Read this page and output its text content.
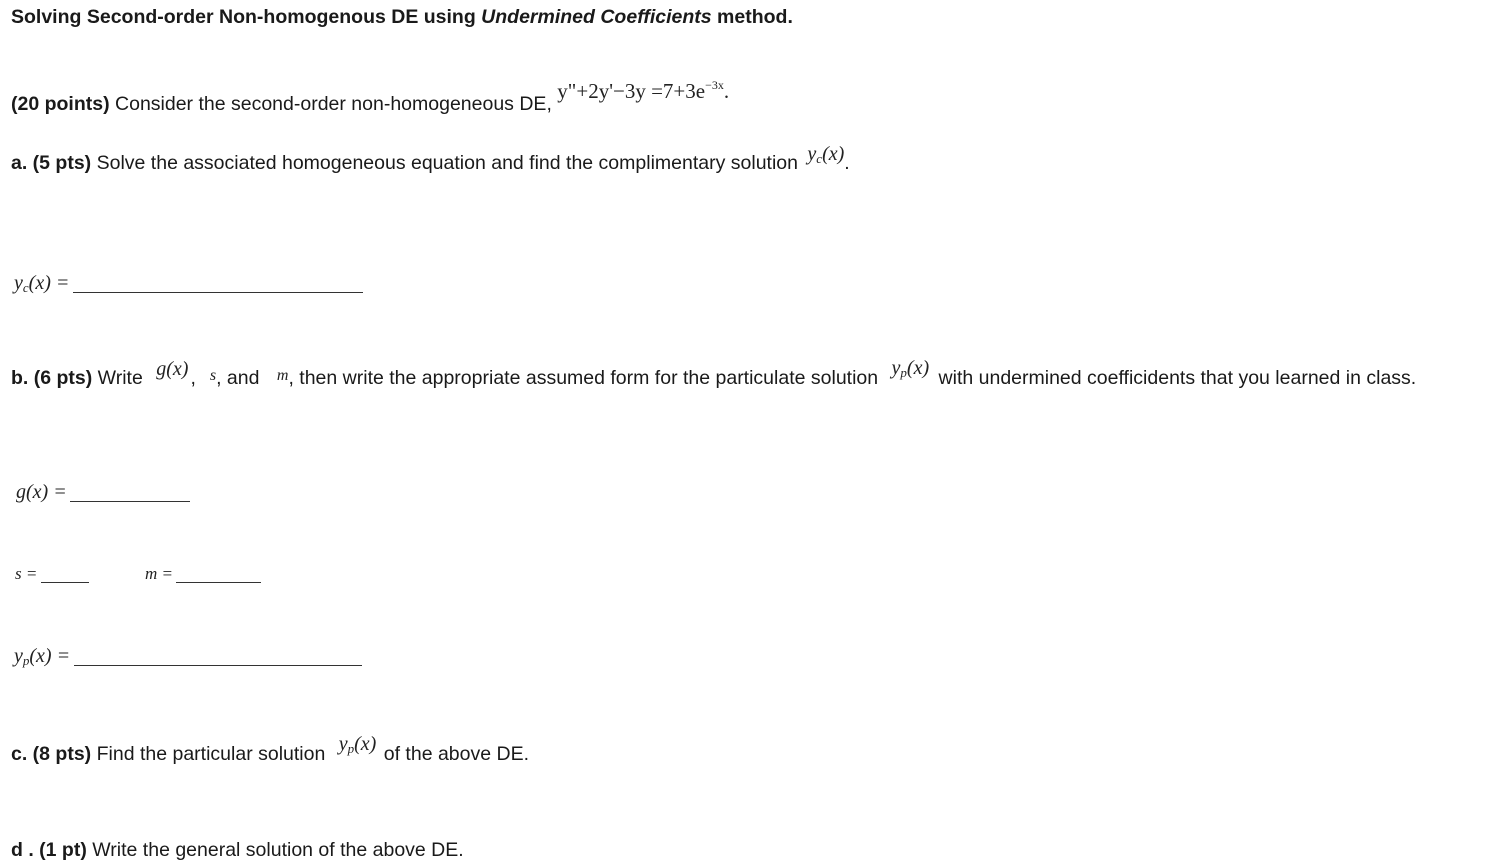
Solving Second-order Non-homogenous DE using Undermined Coefficients method.
(20 points) Consider the second-order non-homogeneous DE, y"+2y'−3y $=7+3e^{-3x}$.
a. (5 pts) Solve the associated homogeneous equation and find the complimentary solution $y_c(x)$.
$y_c(x)$ =
b. (6 pts) Write g(x) , $^s$, and $^m$, then write the appropriate assumed form for the particulate solution $y_p(x)$ with undermined coefficidents that you learned in class.
g(x) =
s =	m =
$y_p(x)$ =
c. (8 pts) Find the particular solution $y_p(x)$ of the above DE.
d . (1 pt) Write the general solution of the above DE.
